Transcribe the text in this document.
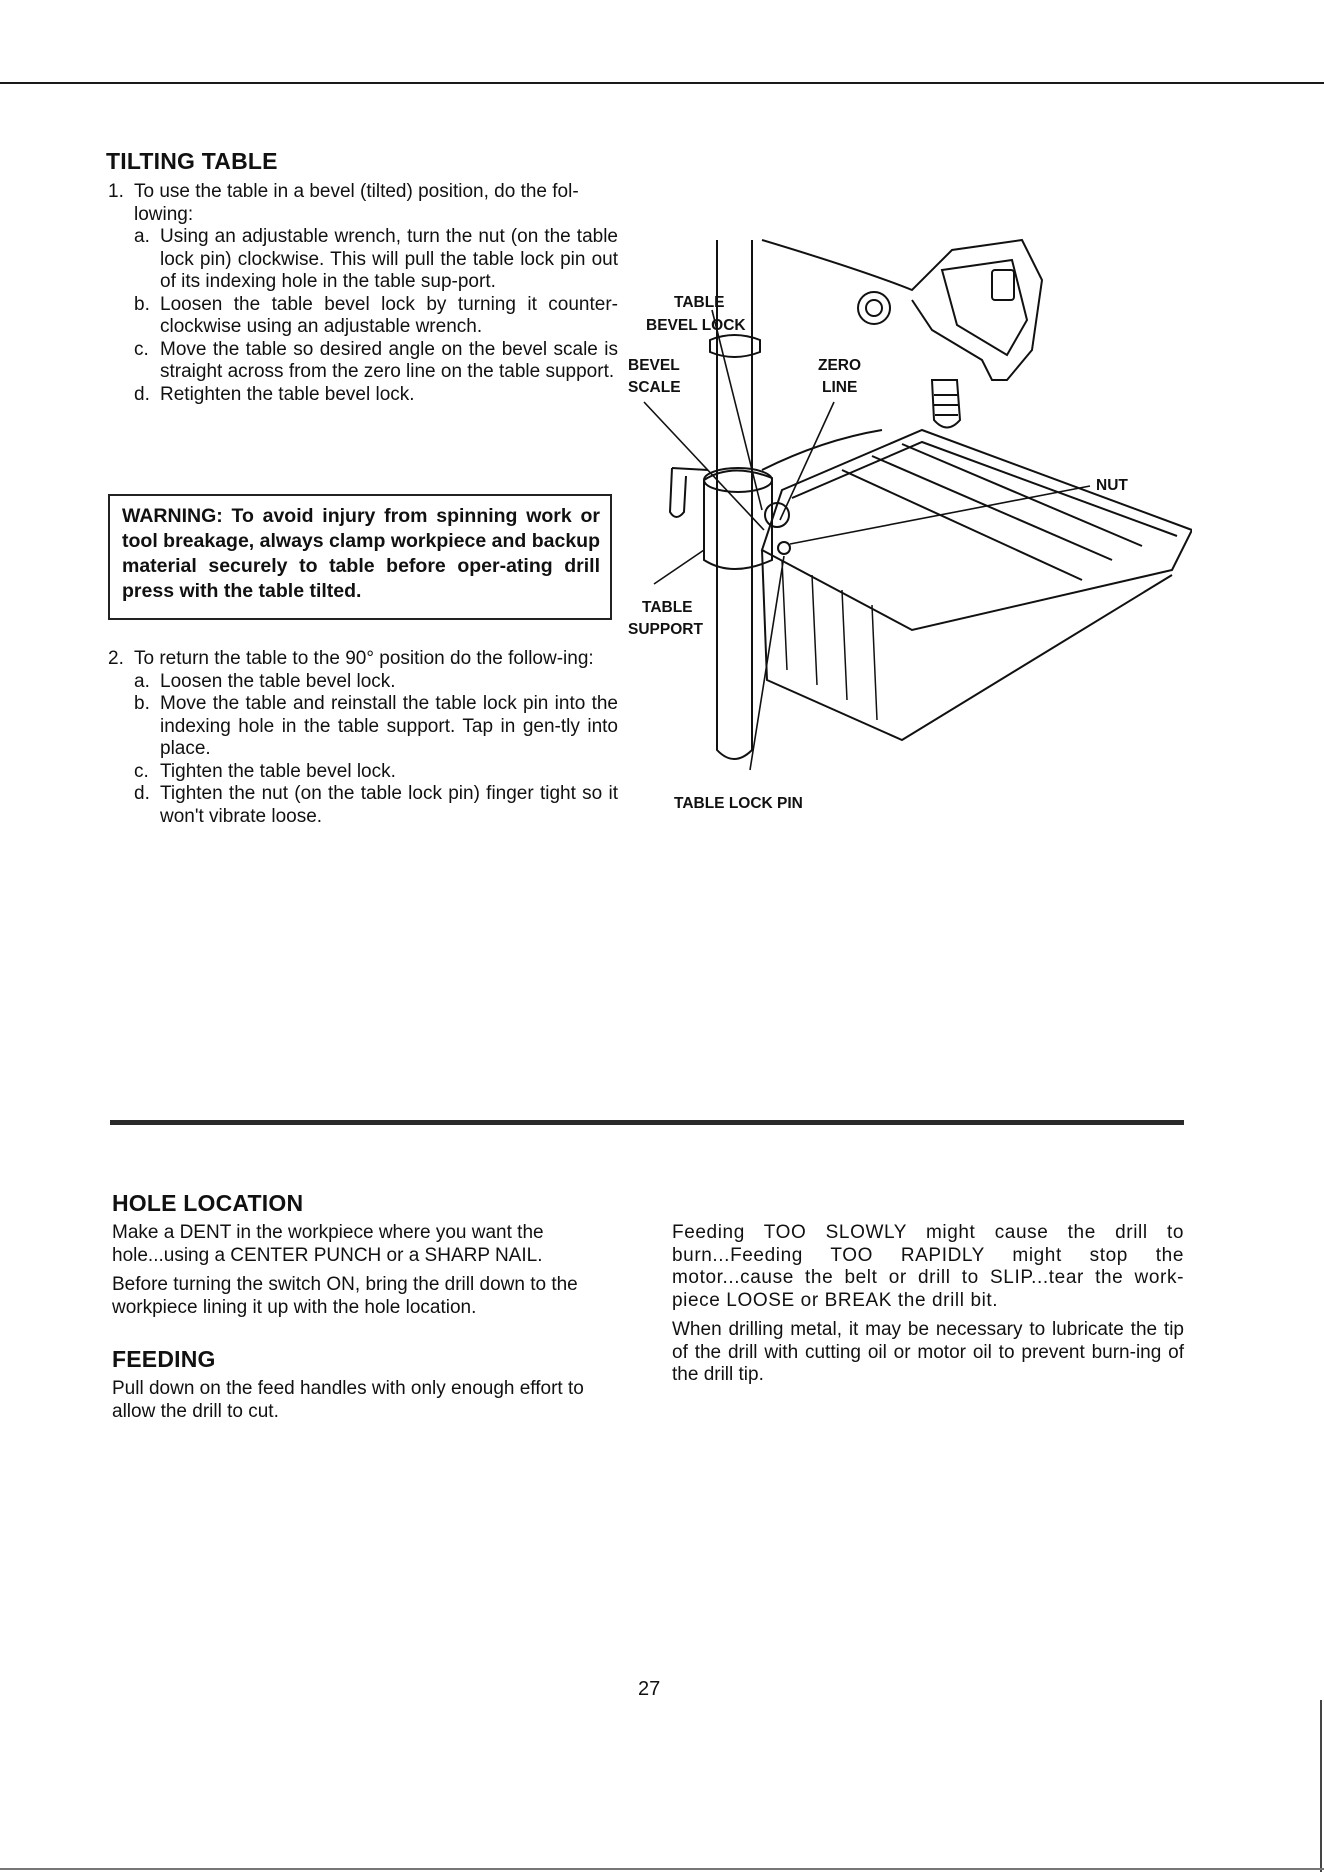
TILTING TABLE
1. To use the table in a bevel (tilted) position, do the fol-lowing:

a. Using an adjustable wrench, turn the nut (on the table lock pin) clockwise. This will pull the table lock pin out of its indexing hole in the table sup-port.
b. Loosen the table bevel lock by turning it counter-clockwise using an adjustable wrench.
c. Move the table so desired angle on the bevel scale is straight across from the zero line on the table support.
d. Retighten the table bevel lock.
WARNING: To avoid injury from spinning work or tool breakage, always clamp workpiece and backup material securely to table before oper-ating drill press with the table tilted.
2. To return the table to the 90° position do the follow-ing:

a. Loosen the table bevel lock.
b. Move the table and reinstall the table lock pin into the indexing hole in the table support. Tap in gen-tly into place.
c. Tighten the table bevel lock.
d. Tighten the nut (on the table lock pin) finger tight so it won't vibrate loose.
TABLE
BEVEL LOCK
BEVEL
SCALE
ZERO
LINE
NUT
TABLE
SUPPORT
TABLE LOCK PIN
HOLE LOCATION

Make a DENT in the workpiece where you want the hole...using a CENTER PUNCH or a SHARP NAIL.

Before turning the switch ON, bring the drill down to the workpiece lining it up with the hole location.

FEEDING

Pull down on the feed handles with only enough effort to allow the drill to cut.

Feeding TOO SLOWLY might cause the drill to burn...Feeding TOO RAPIDLY might stop the motor...cause the belt or drill to SLIP...tear the work-piece LOOSE or BREAK the drill bit.

When drilling metal, it may be necessary to lubricate the tip of the drill with cutting oil or motor oil to prevent burn-ing of the drill tip.

27
